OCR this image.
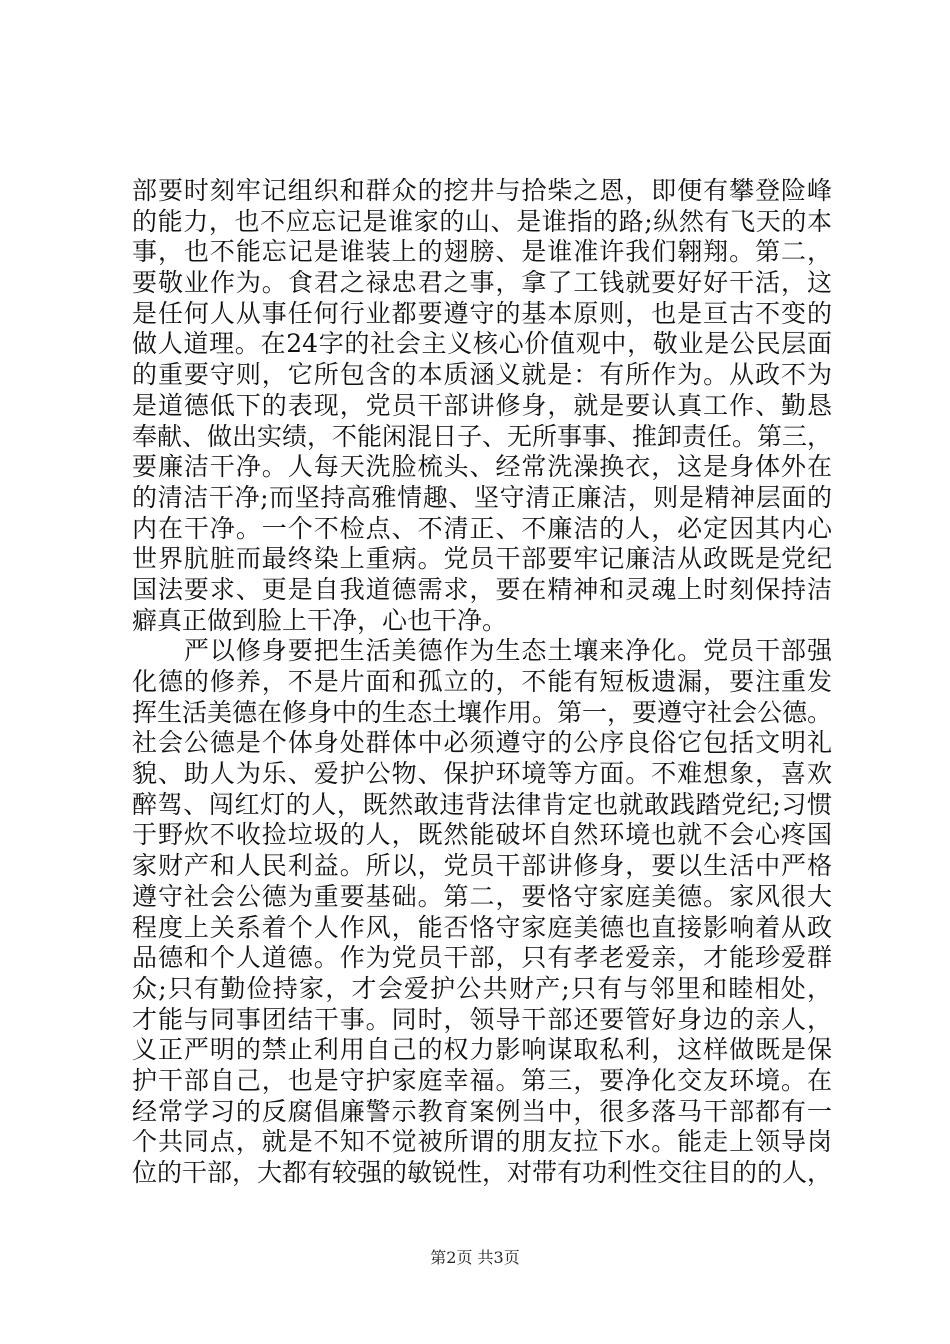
部要时刻牢记组织和群众的挖井与拾柴之恩，即便有攀登险峰
的能力，也不应忘记是谁家的山、是谁指的路;纵然有飞天的本
事，也不能忘记是谁装上的翅膀、是谁准许我们翱翔。第二，
要敬业作为。食君之禄忠君之事，拿了工钱就要好好干活，这
是任何人从事任何行业都要遵守的基本原则，也是亘古不变的
做人道理。在24字的社会主义核心价值观中，敬业是公民层面
的重要守则，它所包含的本质涵义就是：有所作为。从政不为
是道德低下的表现，党员干部讲修身，就是要认真工作、勤恳
奉献、做出实绩，不能闲混日子、无所事事、推卸责任。第三，
要廉洁干净。人每天洗脸梳头、经常洗澡换衣，这是身体外在
的清洁干净;而坚持高雅情趣、坚守清正廉洁，则是精神层面的
内在干净。一个不检点、不清正、不廉洁的人，必定因其内心
世界肮脏而最终染上重病。党员干部要牢记廉洁从政既是党纪
国法要求、更是自我道德需求，要在精神和灵魂上时刻保持洁
癖真正做到脸上干净，心也干净。
　　严以修身要把生活美德作为生态土壤来净化。党员干部强
化德的修养，不是片面和孤立的，不能有短板遗漏，要注重发
挥生活美德在修身中的生态土壤作用。第一，要遵守社会公德。
社会公德是个体身处群体中必须遵守的公序良俗它包括文明礼
貌、助人为乐、爱护公物、保护环境等方面。不难想象，喜欢
醉驾、闯红灯的人，既然敢违背法律肯定也就敢践踏党纪;习惯
于野炊不收捡垃圾的人，既然能破坏自然环境也就不会心疼国
家财产和人民利益。所以，党员干部讲修身，要以生活中严格
遵守社会公德为重要基础。第二，要恪守家庭美德。家风很大
程度上关系着个人作风，能否恪守家庭美德也直接影响着从政
品德和个人道德。作为党员干部，只有孝老爱亲，才能珍爱群
众;只有勤俭持家，才会爱护公共财产;只有与邻里和睦相处，
才能与同事团结干事。同时，领导干部还要管好身边的亲人，
义正严明的禁止利用自己的权力影响谋取私利，这样做既是保
护干部自己，也是守护家庭幸福。第三，要净化交友环境。在
经常学习的反腐倡廉警示教育案例当中，很多落马干部都有一
个共同点，就是不知不觉被所谓的朋友拉下水。能走上领导岗
位的干部，大都有较强的敏锐性，对带有功利性交往目的的人，
第2页 共3页
